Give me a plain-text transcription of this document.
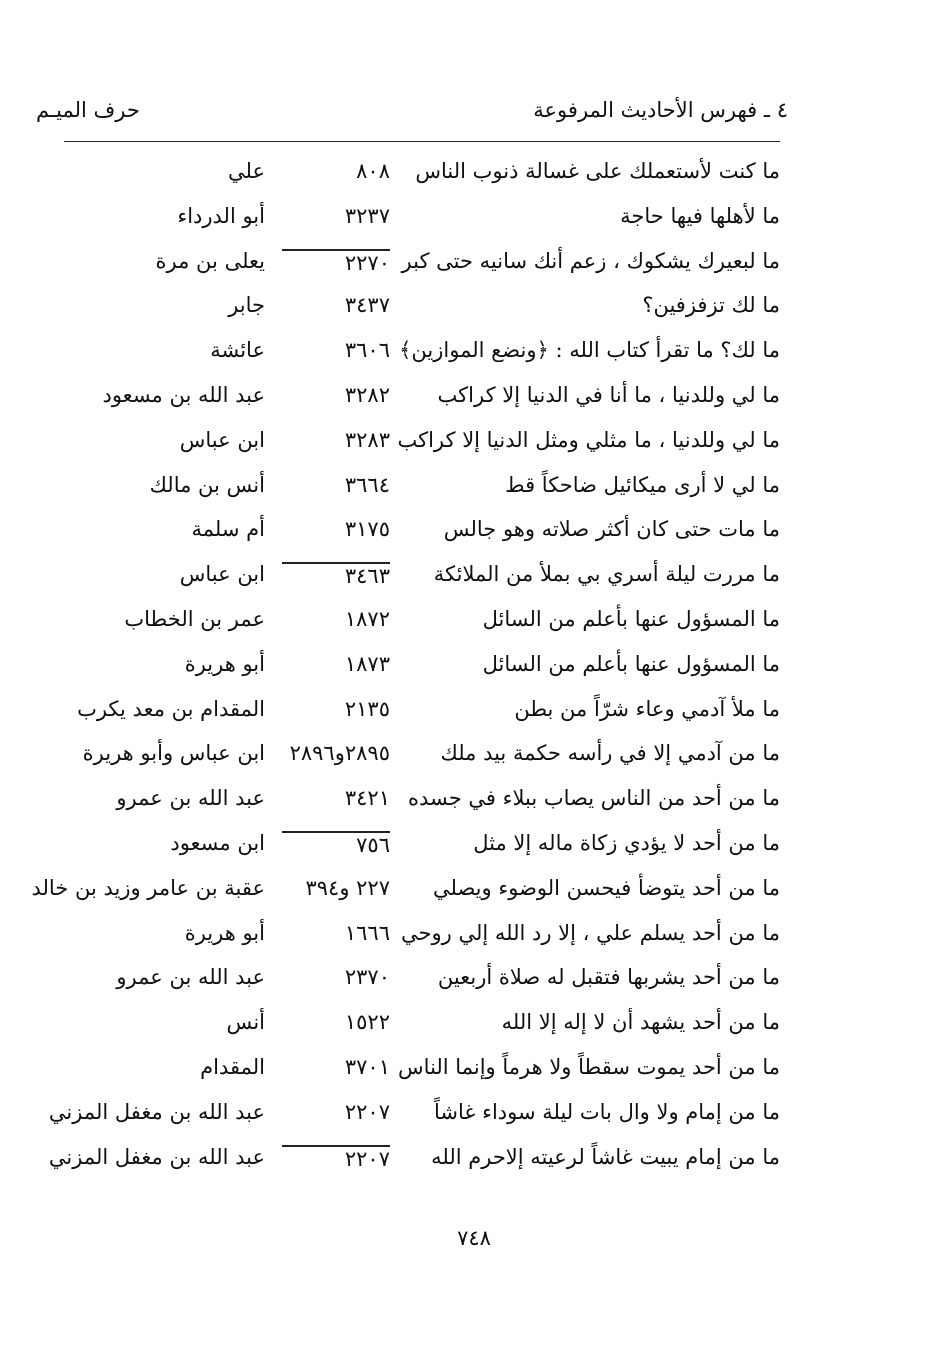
٤ ـ فهرس الأحاديث المرفوعة
حرف الميـم
ما كنت لأستعملك على غسالة ذنوب الناس
٨٠٨
علي
ما لأهلها فيها حاجة
٣٢٣٧
أبو الدرداء
ما لبعيرك يشكوك ، زعم أنك سانيه حتى كبر
٢٢٧٠
يعلى بن مرة
ما لك تزفزفين؟
٣٤٣٧
جابر
ما لك؟ ما تقرأ كتاب الله : ﴿ونضع الموازين﴾
٣٦٠٦
عائشة
ما لي وللدنيا ، ما أنا في الدنيا إلا كراكب
٣٢٨٢
عبد الله بن مسعود
ما لي وللدنيا ، ما مثلي ومثل الدنيا إلا كراكب
٣٢٨٣
ابن عباس
ما لي لا أرى ميكائيل ضاحكاً قط
٣٦٦٤
أنس بن مالك
ما مات حتى كان أكثر صلاته وهو جالس
٣١٧٥
أم سلمة
ما مررت ليلة أسري بي بملأ من الملائكة
٣٤٦٣
ابن عباس
ما المسؤول عنها بأعلم من السائل
١٨٧٢
عمر بن الخطاب
ما المسؤول عنها بأعلم من السائل
١٨٧٣
أبو هريرة
ما ملأ آدمي وعاء شرّاً من بطن
٢١٣٥
المقدام بن معد يكرب
ما من آدمي إلا في رأسه حكمة بيد ملك
٢٨٩٥و٢٨٩٦
ابن عباس وأبو هريرة
ما من أحد من الناس يصاب ببلاء في جسده
٣٤٢١
عبد الله بن عمرو
ما من أحد لا يؤدي زكاة ماله إلا مثل
٧٥٦
ابن مسعود
ما من أحد يتوضأ فيحسن الوضوء ويصلي
٢٢٧ و٣٩٤
عقبة بن عامر وزيد بن خالد
ما من أحد يسلم علي ، إلا رد الله إلي روحي
١٦٦٦
أبو هريرة
ما من أحد يشربها فتقبل له صلاة أربعين
٢٣٧٠
عبد الله بن عمرو
ما من أحد يشهد أن لا إله إلا الله
١٥٢٢
أنس
ما من أحد يموت سقطاً ولا هرماً وإنما الناس
٣٧٠١
المقدام
ما من إمام ولا وال بات ليلة سوداء غاشاً
٢٢٠٧
عبد الله بن مغفل المزني
ما من إمام يبيت غاشاً لرعيته إلاحرم الله
٢٢٠٧
عبد الله بن مغفل المزني
٧٤٨
